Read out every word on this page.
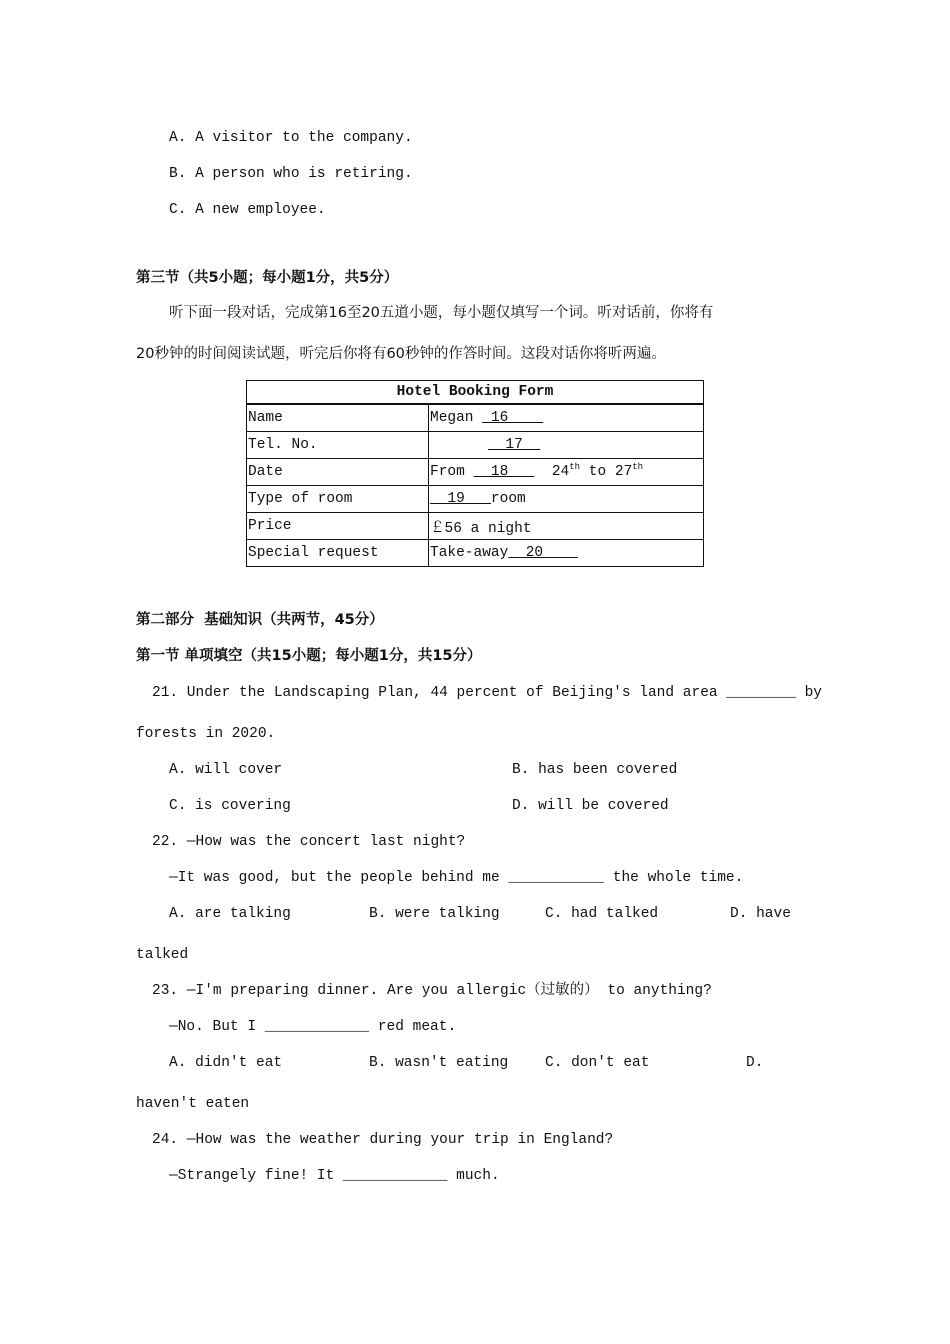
A. A visitor to the company.
B. A person who is retiring.
C. A new employee.
第三节（共5小题；每小题1分，共5分）
听下面一段对话，完成第16至20五道小题，每小题仅填写一个词。听对话前，你将有
20秒钟的时间阅读试题，听完后你将有60秒钟的作答时间。这段对话你将听两遍。
Hotel Booking Form	
Name	Megan  16
Tel. No.	17
Date	From   18     24th to 27th
Type of room	19   room
Price	￡56 a night
Special request	Take-away  20
第二部分  基础知识（共两节，45分）
第一节 单项填空（共15小题；每小题1分，共15分）
21. Under the Landscaping Plan, 44 percent of Beijing's land area ________ by
forests in 2020.
A. will cover	B. has been covered
C. is covering	D. will be covered
22. —How was the concert last night?
—It was good, but the people behind me ___________ the whole time.
A. are talking	B. were talking	C. had talked	D. have
talked
23. —I'm preparing dinner. Are you allergic（过敏的） to anything?
—No. But I ____________ red meat.
A. didn't eat	B. wasn't eating	C. don't eat	D.
haven't eaten
24. —How was the weather during your trip in England?
—Strangely fine! It ____________ much.
